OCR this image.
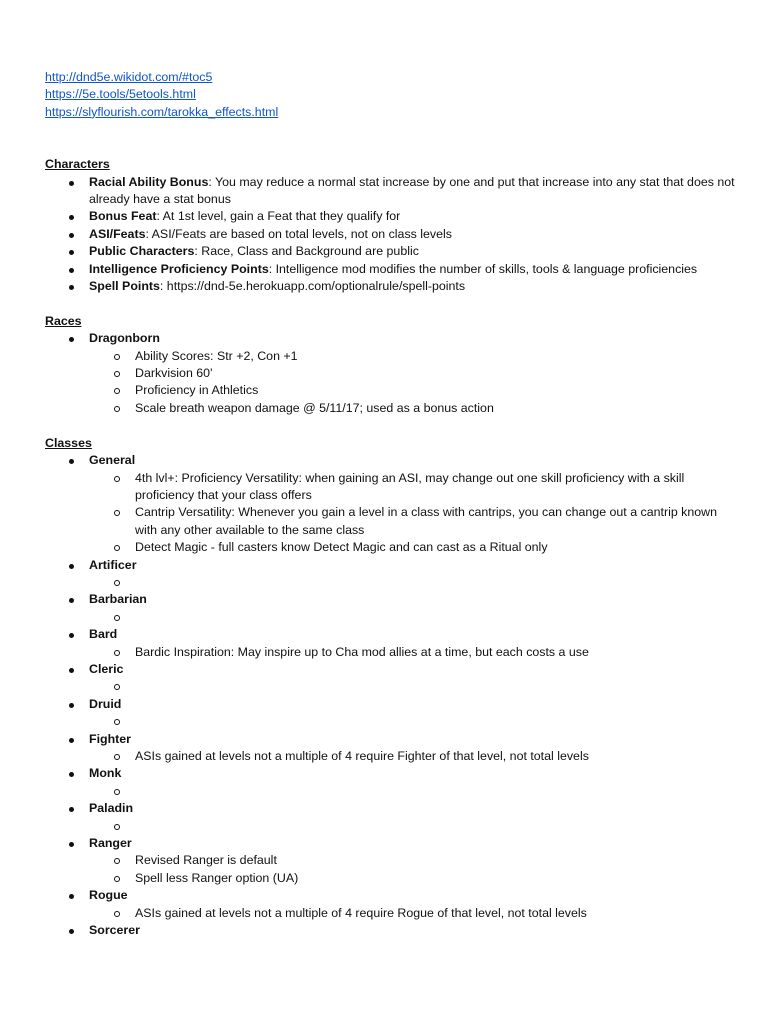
http://dnd5e.wikidot.com/#toc5
https://5e.tools/5etools.html
https://slyflourish.com/tarokka_effects.html
Characters
Racial Ability Bonus: You may reduce a normal stat increase by one and put that increase into any stat that does not already have a stat bonus
Bonus Feat: At 1st level, gain a Feat that they qualify for
ASI/Feats: ASI/Feats are based on total levels, not on class levels
Public Characters: Race, Class and Background are public
Intelligence Proficiency Points: Intelligence mod modifies the number of skills, tools & language proficiencies
Spell Points: https://dnd-5e.herokuapp.com/optionalrule/spell-points
Races
Dragonborn
Ability Scores: Str +2, Con +1
Darkvision 60'
Proficiency in Athletics
Scale breath weapon damage @ 5/11/17; used as a bonus action
Classes
General
4th lvl+: Proficiency Versatility: when gaining an ASI, may change out one skill proficiency with a skill proficiency that your class offers
Cantrip Versatility: Whenever you gain a level in a class with cantrips, you can change out a cantrip known with any other available to the same class
Detect Magic - full casters know Detect Magic and can cast as a Ritual only
Artificer
Barbarian
Bard
Bardic Inspiration: May inspire up to Cha mod allies at a time, but each costs a use
Cleric
Druid
Fighter
ASIs gained at levels not a multiple of 4 require Fighter of that level, not total levels
Monk
Paladin
Ranger
Revised Ranger is default
Spell less Ranger option (UA)
Rogue
ASIs gained at levels not a multiple of 4 require Rogue of that level, not total levels
Sorcerer
